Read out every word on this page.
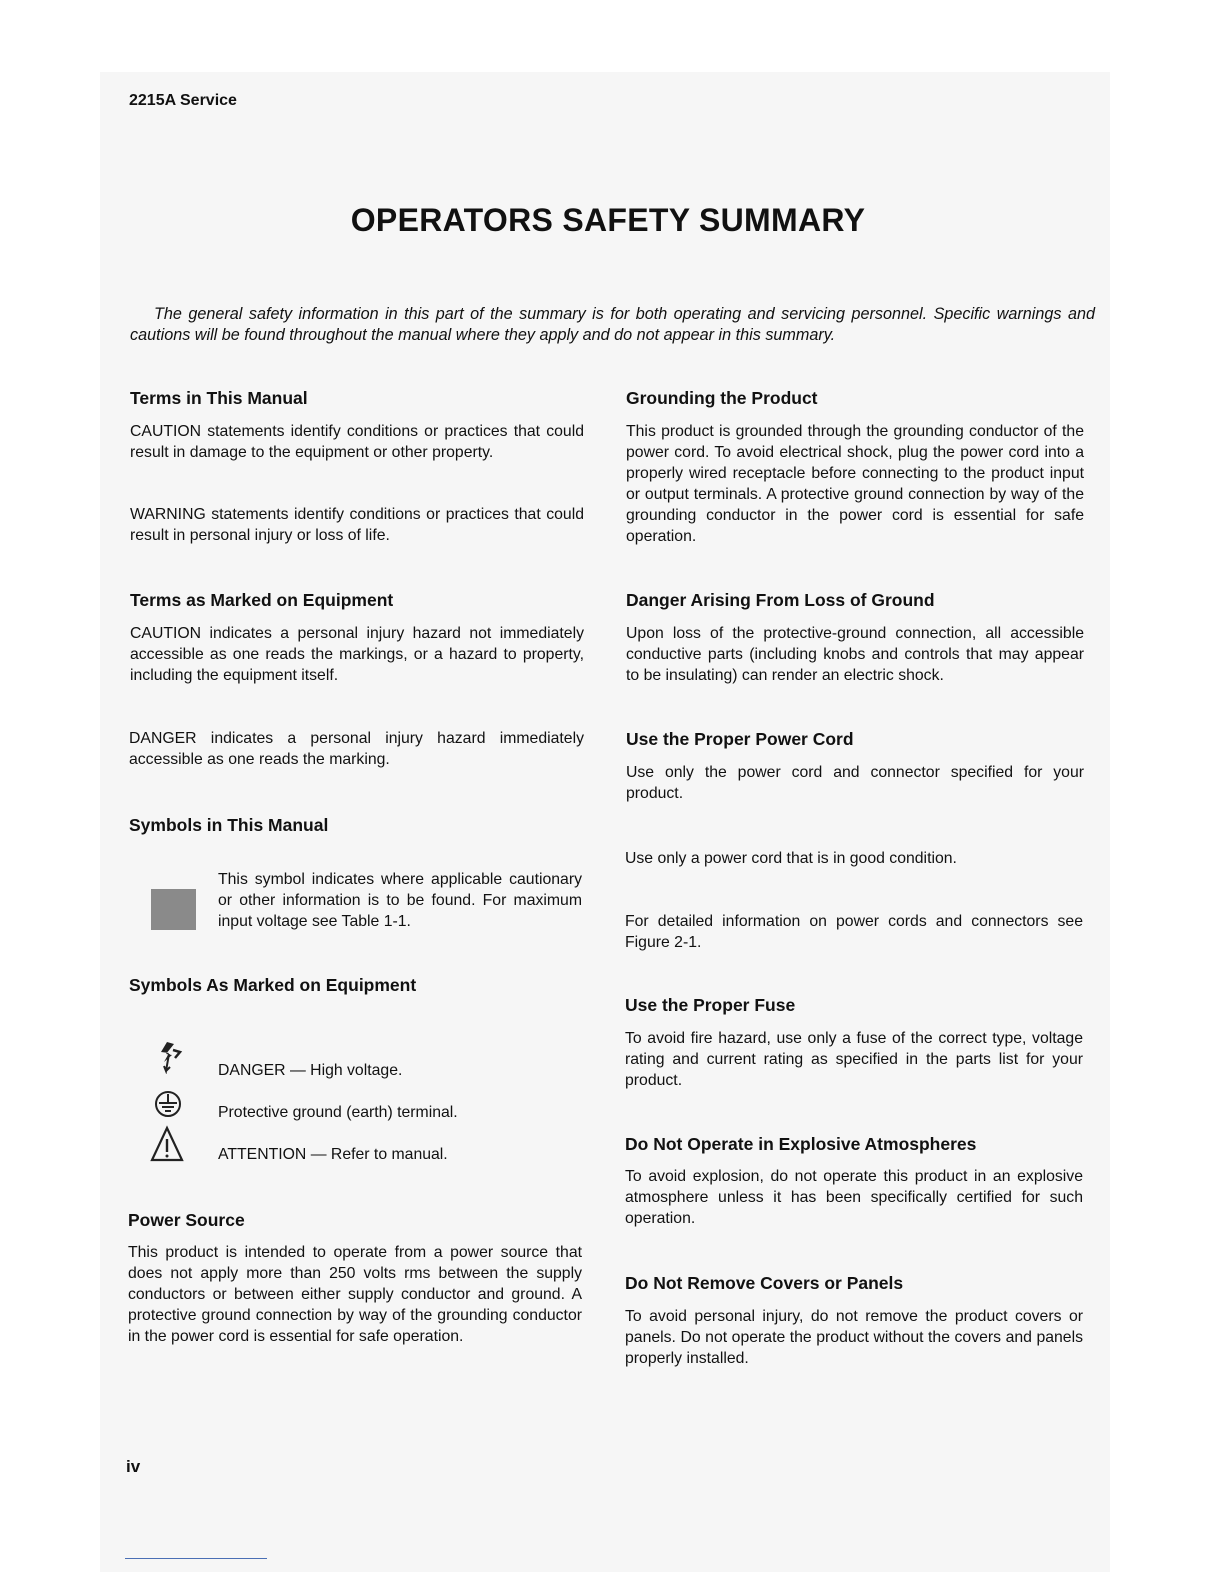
2215A Service
OPERATORS SAFETY SUMMARY
The general safety information in this part of the summary is for both operating and servicing personnel. Specific warnings and cautions will be found throughout the manual where they apply and do not appear in this summary.
Terms in This Manual

CAUTION statements identify conditions or practices that could result in damage to the equipment or other property.

WARNING statements identify conditions or practices that could result in personal injury or loss of life.

Terms as Marked on Equipment

CAUTION indicates a personal injury hazard not immediately accessible as one reads the markings, or a hazard to property, including the equipment itself.

DANGER indicates a personal injury hazard immediately accessible as one reads the marking.

Symbols in This Manual

This symbol indicates where applicable cautionary or other information is to be found. For maximum input voltage see Table 1-1.

Symbols As Marked on Equipment
DANGER — High voltage.
Protective ground (earth) terminal.
ATTENTION — Refer to manual.
Power Source

This product is intended to operate from a power source that does not apply more than 250 volts rms between the supply conductors or between either supply conductor and ground. A protective ground connection by way of the grounding conductor in the power cord is essential for safe operation.

Grounding the Product

This product is grounded through the grounding conductor of the power cord. To avoid electrical shock, plug the power cord into a properly wired receptacle before connecting to the product input or output terminals. A protective ground connection by way of the grounding conductor in the power cord is essential for safe operation.

Danger Arising From Loss of Ground

Upon loss of the protective-ground connection, all accessible conductive parts (including knobs and controls that may appear to be insulating) can render an electric shock.

Use the Proper Power Cord

Use only the power cord and connector specified for your product.

Use only a power cord that is in good condition.

For detailed information on power cords and connectors see Figure 2-1.

Use the Proper Fuse

To avoid fire hazard, use only a fuse of the correct type, voltage rating and current rating as specified in the parts list for your product.

Do Not Operate in Explosive Atmospheres

To avoid explosion, do not operate this product in an explosive atmosphere unless it has been specifically certified for such operation.

Do Not Remove Covers or Panels

To avoid personal injury, do not remove the product covers or panels. Do not operate the product without the covers and panels properly installed.

iv
